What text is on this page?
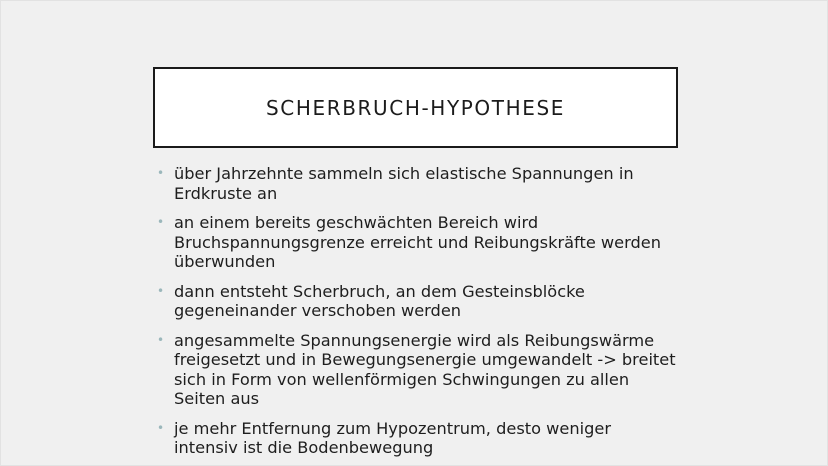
SCHERBRUCH-HYPOTHESE
• über Jahrzehnte sammeln sich elastische Spannungen in Erdkruste an
• an einem bereits geschwächten Bereich wird Bruchspannungsgrenze erreicht und Reibungskräfte werden überwunden
• dann entsteht Scherbruch, an dem Gesteinsblöcke gegeneinander verschoben werden
• angesammelte Spannungsenergie wird als Reibungswärme freigesetzt und in Bewegungsenergie umgewandelt -> breitet sich in Form von wellenförmigen Schwingungen zu allen Seiten aus
• je mehr Entfernung zum Hypozentrum, desto weniger intensiv ist die Bodenbewegung
